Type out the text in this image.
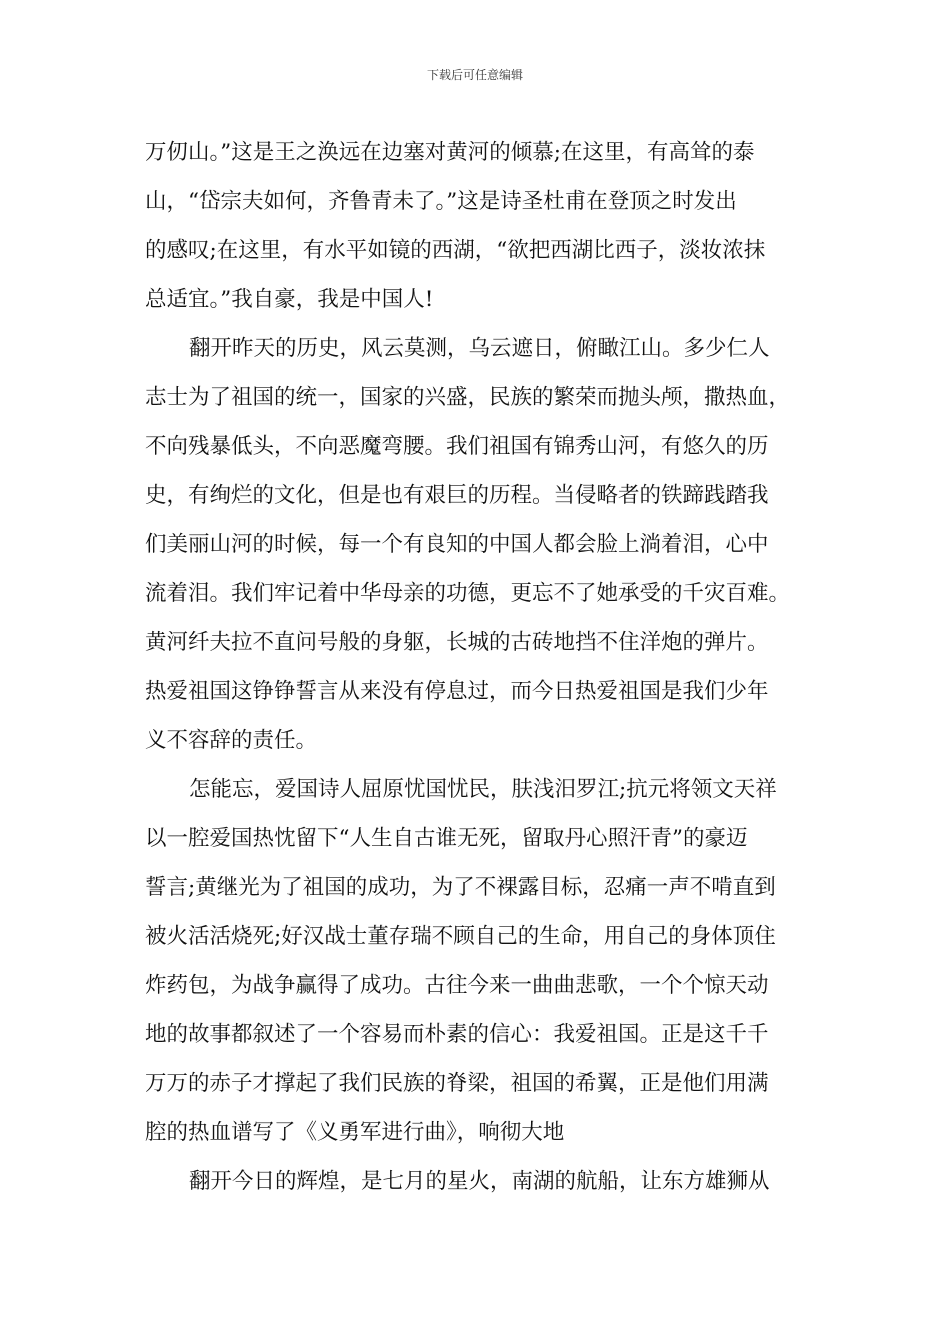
下载后可任意编辑
万仞山。”这是王之涣远在边塞对黄河的倾慕;在这里，有高耸的泰
山，“岱宗夫如何，齐鲁青未了。”这是诗圣杜甫在登顶之时发出
的感叹;在这里，有水平如镜的西湖，“欲把西湖比西子，淡妆浓抹
总适宜。”我自豪，我是中国人!
翻开昨天的历史，风云莫测，乌云遮日，俯瞰江山。多少仁人
志士为了祖国的统一，国家的兴盛，民族的繁荣而抛头颅，撒热血，
不向残暴低头，不向恶魔弯腰。我们祖国有锦秀山河，有悠久的历
史，有绚烂的文化，但是也有艰巨的历程。当侵略者的铁蹄践踏我
们美丽山河的时候，每一个有良知的中国人都会脸上淌着泪，心中
流着泪。我们牢记着中华母亲的功德，更忘不了她承受的千灾百难。
黄河纤夫拉不直问号般的身躯，长城的古砖地挡不住洋炮的弹片。
热爱祖国这铮铮誓言从来没有停息过，而今日热爱祖国是我们少年
义不容辞的责任。
怎能忘，爱国诗人屈原忧国忧民，肤浅汨罗江;抗元将领文天祥
以一腔爱国热忱留下“人生自古谁无死，留取丹心照汗青”的豪迈
誓言;黄继光为了祖国的成功，为了不裸露目标，忍痛一声不啃直到
被火活活烧死;好汉战士董存瑞不顾自己的生命，用自己的身体顶住
炸药包，为战争赢得了成功。古往今来一曲曲悲歌，一个个惊天动
地的故事都叙述了一个容易而朴素的信心：我爱祖国。正是这千千
万万的赤子才撑起了我们民族的脊梁，祖国的希翼，正是他们用满
腔的热血谱写了《义勇军进行曲》，响彻大地
翻开今日的辉煌，是七月的星火，南湖的航船，让东方雄狮从
